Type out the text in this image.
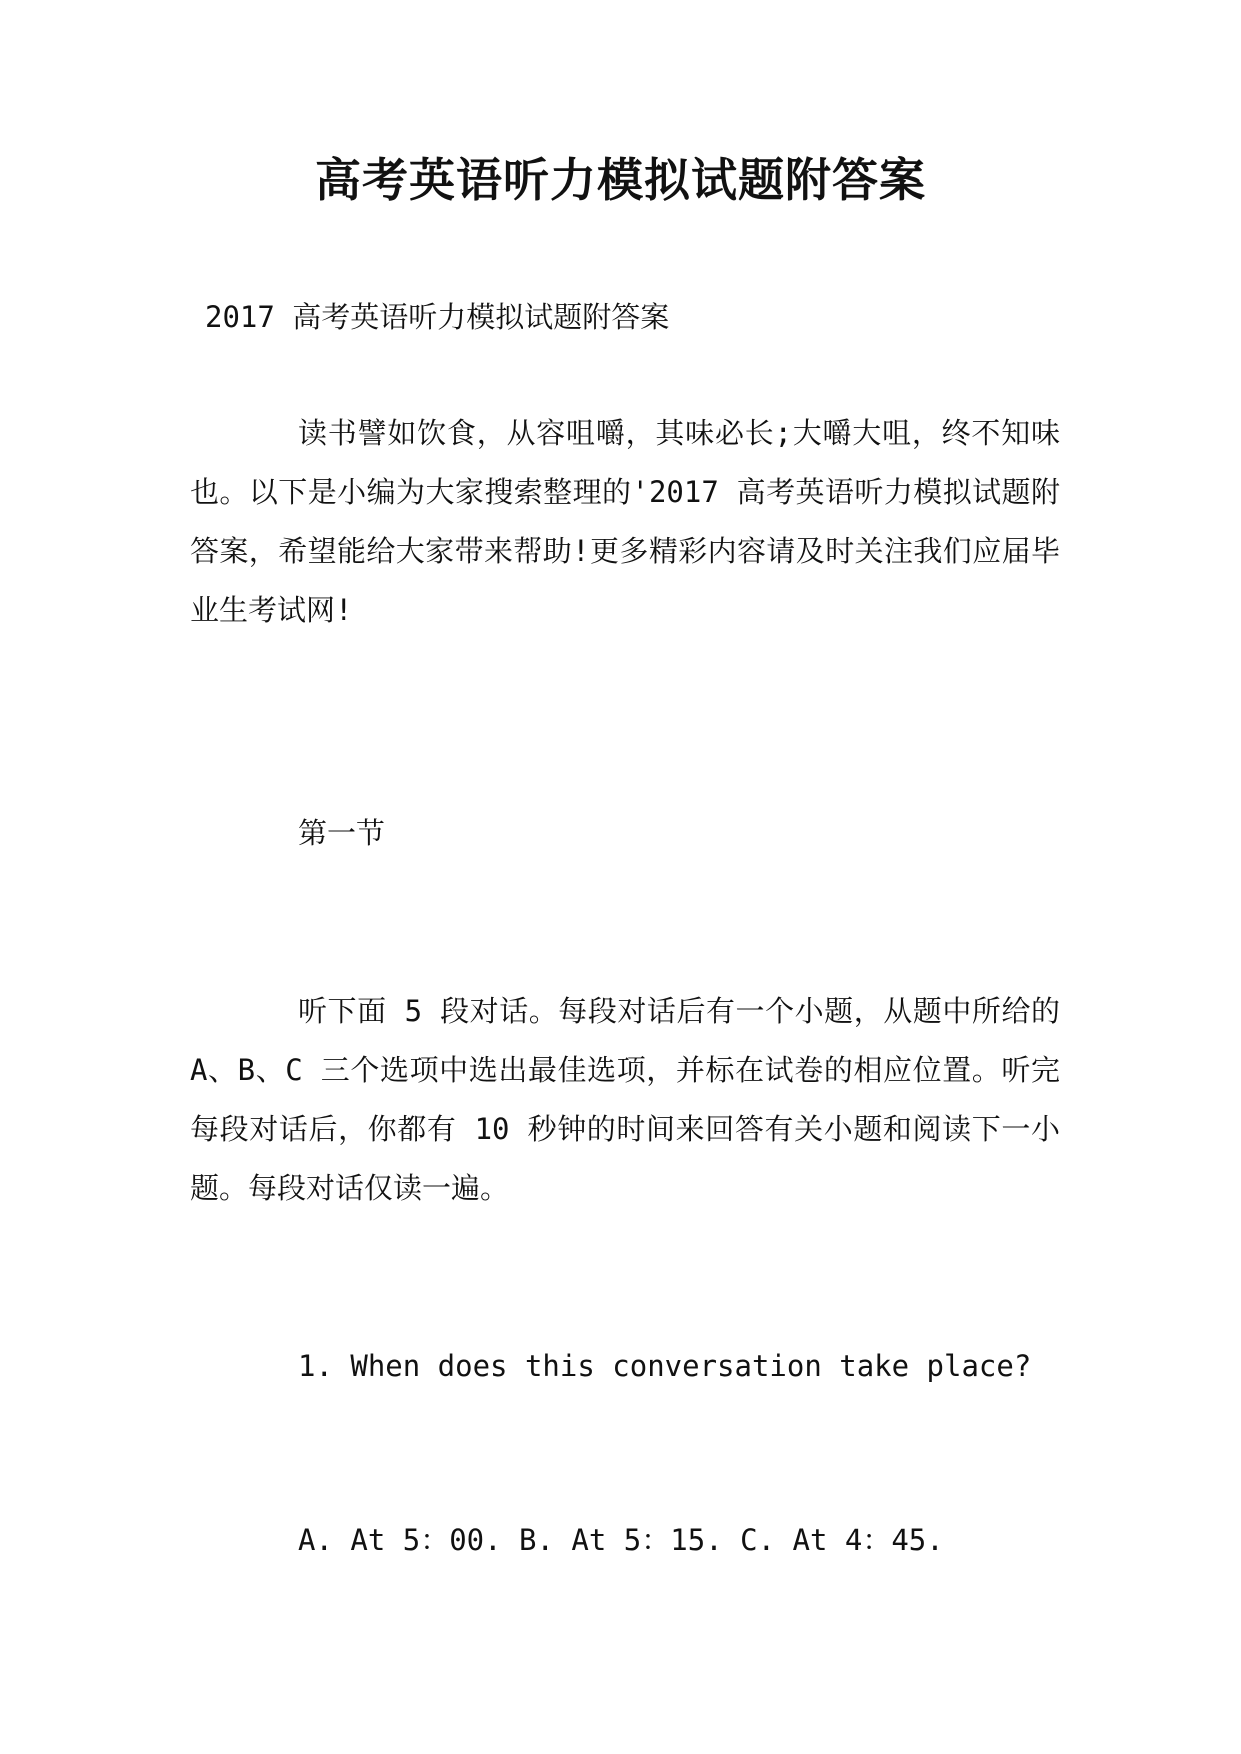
高考英语听力模拟试题附答案

2017 高考英语听力模拟试题附答案

读书譬如饮食，从容咀嚼，其味必长;大嚼大咀，终不知味也。以下是小编为大家搜索整理的'2017 高考英语听力模拟试题附答案，希望能给大家带来帮助!更多精彩内容请及时关注我们应届毕业生考试网!

第一节

听下面 5 段对话。每段对话后有一个小题，从题中所给的 A、B、C 三个选项中选出最佳选项，并标在试卷的相应位置。听完每段对话后，你都有 10 秒钟的时间来回答有关小题和阅读下一小题。每段对话仅读一遍。

1. When does this conversation take place?

A. At 5：00. B. At 5：15. C. At 4：45.
